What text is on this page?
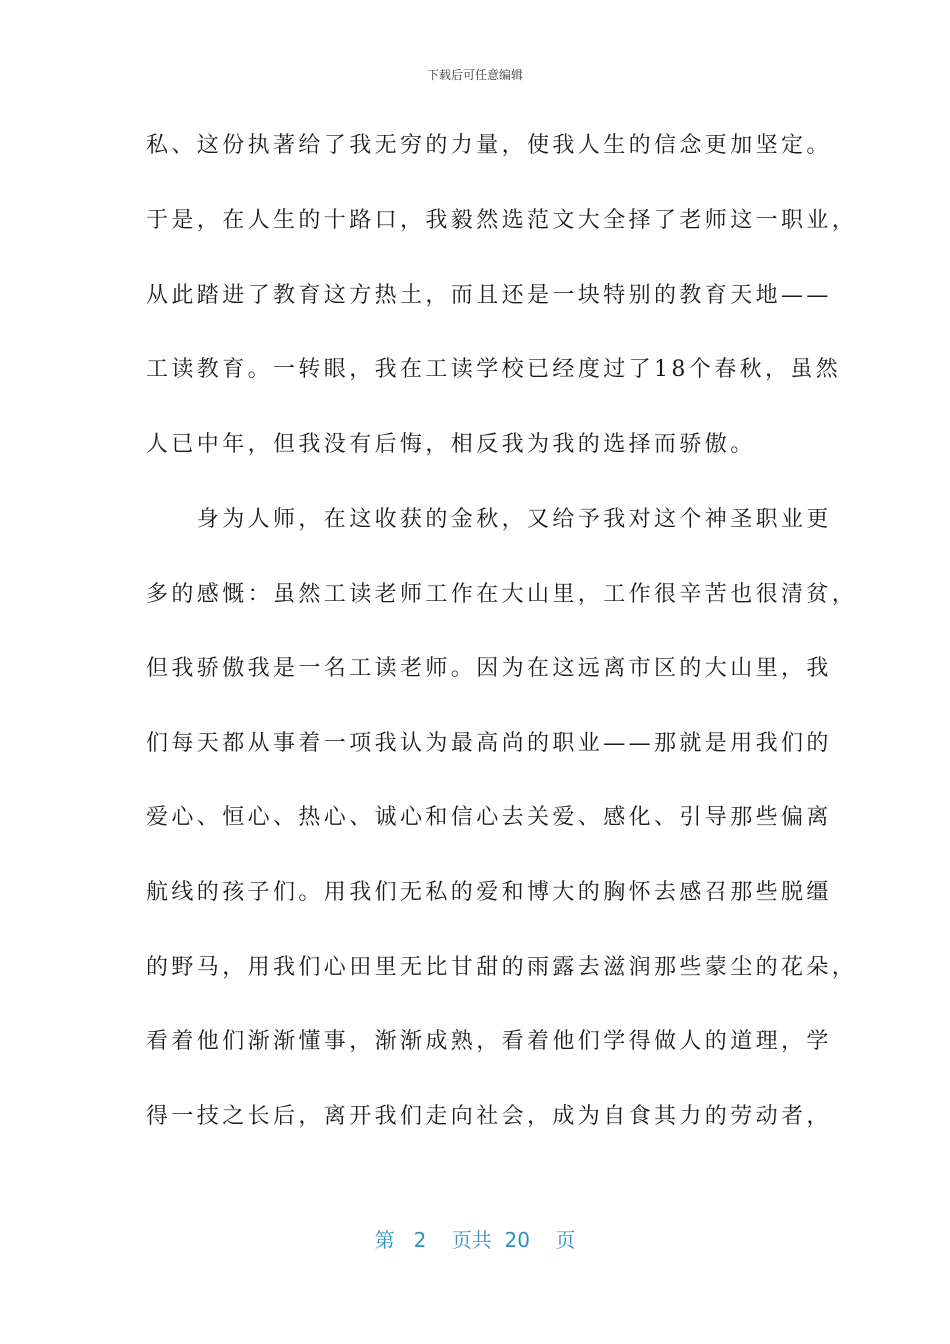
下载后可任意编辑
私、这份执著给了我无穷的力量，使我人生的信念更加坚定。
于是，在人生的十路口，我毅然选范文大全择了老师这一职业，
从此踏进了教育这方热土，而且还是一块特别的教育天地——
工读教育。一转眼，我在工读学校已经度过了18个春秋，虽然
人已中年，但我没有后悔，相反我为我的选择而骄傲。
　　身为人师，在这收获的金秋，又给予我对这个神圣职业更
多的感慨：虽然工读老师工作在大山里，工作很辛苦也很清贫，
但我骄傲我是一名工读老师。因为在这远离市区的大山里，我
们每天都从事着一项我认为最高尚的职业——那就是用我们的
爱心、恒心、热心、诚心和信心去关爱、感化、引导那些偏离
航线的孩子们。用我们无私的爱和博大的胸怀去感召那些脱缰
的野马，用我们心田里无比甘甜的雨露去滋润那些蒙尘的花朵，
看着他们渐渐懂事，渐渐成熟，看着他们学得做人的道理，学
得一技之长后，离开我们走向社会，成为自食其力的劳动者，
第 2 页共 20 页
